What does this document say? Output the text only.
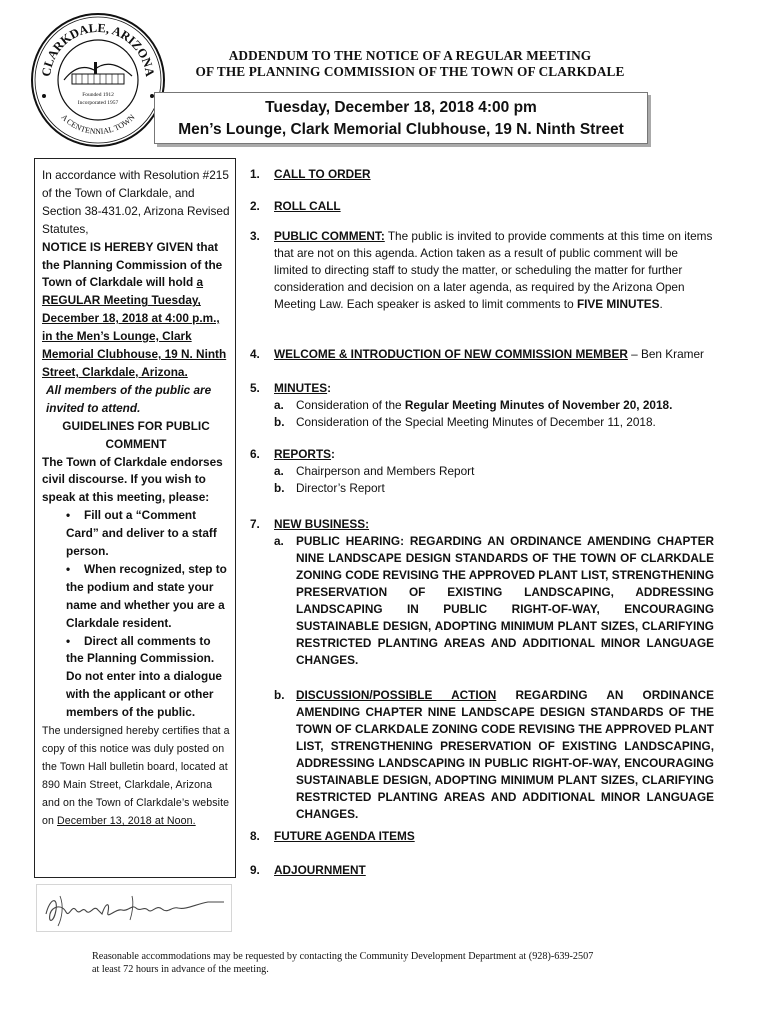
CLARKDALE, ARIZONA
A CENTENNIAL TOWN
Founded 1912
Incorporated 1957
ADDENDUM TO THE NOTICE OF A REGULAR MEETING
OF THE PLANNING COMMISSION OF THE TOWN OF CLARKDALE
Tuesday, December 18, 2018 4:00 pm
Men’s Lounge, Clark Memorial Clubhouse, 19 N. Ninth Street

In accordance with Resolution #215 of the Town of Clarkdale, and Section 38-431.02, Arizona Revised Statutes,

NOTICE IS HEREBY GIVEN that the Planning Commission of the Town of Clarkdale will hold a REGULAR Meeting Tuesday, December 18, 2018 at 4:00 p.m., in the Men’s Lounge, Clark Memorial Clubhouse, 19 N. Ninth Street, Clarkdale, Arizona.

All members of the public are invited to attend.

GUIDELINES FOR PUBLIC COMMENT

The Town of Clarkdale endorses civil discourse. If you wish to speak at this meeting, please:

• Fill out a “Comment Card” and deliver to a staff person.
• When recognized, step to the podium and state your name and whether you are a Clarkdale resident.
• Direct all comments to the Planning Commission. Do not enter into a dialogue with the applicant or other members of the public.

The undersigned hereby certifies that a copy of this notice was duly posted on the Town Hall bulletin board, located at 890 Main Street, Clarkdale, Arizona and on the Town of Clarkdale’s website on December 13, 2018 at Noon.

1. CALL TO ORDER
2. ROLL CALL
3. PUBLIC COMMENT: The public is invited to provide comments at this time on items that are not on this agenda. Action taken as a result of public comment will be limited to directing staff to study the matter, or scheduling the matter for further consideration and decision on a later agenda, as required by the Arizona Open Meeting Law. Each speaker is asked to limit comments to FIVE MINUTES.
4. WELCOME & INTRODUCTION OF NEW COMMISSION MEMBER – Ben Kramer
5. MINUTES:
a. Consideration of the Regular Meeting Minutes of November 20, 2018.
b. Consideration of the Special Meeting Minutes of December 11, 2018.
6. REPORTS:
a. Chairperson and Members Report
b. Director’s Report
7. NEW BUSINESS:
a. PUBLIC HEARING: REGARDING AN ORDINANCE AMENDING CHAPTER NINE LANDSCAPE DESIGN STANDARDS OF THE TOWN OF CLARKDALE ZONING CODE REVISING THE APPROVED PLANT LIST, STRENGTHENING PRESERVATION OF EXISTING LANDSCAPING, ADDRESSING LANDSCAPING IN PUBLIC RIGHT-OF-WAY, ENCOURAGING SUSTAINABLE DESIGN, ADOPTING MINIMUM PLANT SIZES, CLARIFYING RESTRICTED PLANTING AREAS AND ADDITIONAL MINOR LANGUAGE CHANGES.
b. DISCUSSION/POSSIBLE ACTION REGARDING AN ORDINANCE AMENDING CHAPTER NINE LANDSCAPE DESIGN STANDARDS OF THE TOWN OF CLARKDALE ZONING CODE REVISING THE APPROVED PLANT LIST, STRENGTHENING PRESERVATION OF EXISTING LANDSCAPING, ADDRESSING LANDSCAPING IN PUBLIC RIGHT-OF-WAY, ENCOURAGING SUSTAINABLE DESIGN, ADOPTING MINIMUM PLANT SIZES, CLARIFYING RESTRICTED PLANTING AREAS AND ADDITIONAL MINOR LANGUAGE CHANGES.
8. FUTURE AGENDA ITEMS
9. ADJOURNMENT
Reasonable accommodations may be requested by contacting the Community Development Department at (928)-639-2507
at least 72 hours in advance of the meeting.
